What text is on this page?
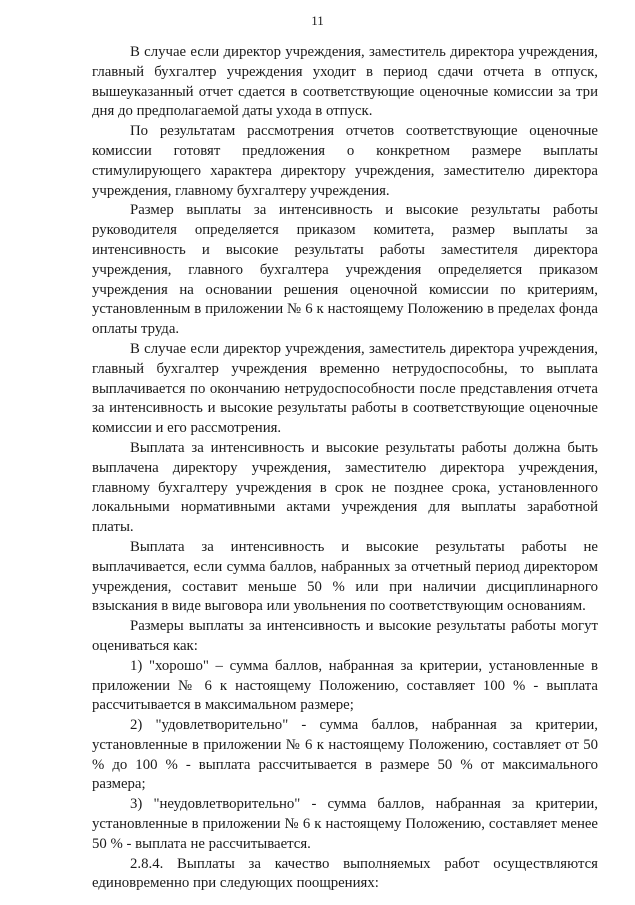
11

В случае если директор учреждения, заместитель директора учреждения, главный бухгалтер учреждения уходит в период сдачи отчета в отпуск, вышеуказанный отчет сдается в соответствующие оценочные комиссии за три дня до предполагаемой даты ухода в отпуск.

По результатам рассмотрения отчетов соответствующие оценочные комиссии готовят предложения о конкретном размере выплаты стимулирующего характера директору учреждения, заместителю директора учреждения, главному бухгалтеру учреждения.

Размер выплаты за интенсивность и высокие результаты работы руководителя определяется приказом комитета, размер выплаты за интенсивность и высокие результаты работы заместителя директора учреждения, главного бухгалтера учреждения определяется приказом учреждения на основании решения оценочной комиссии по критериям, установленным в приложении № 6 к настоящему Положению в пределах фонда оплаты труда.

В случае если директор учреждения, заместитель директора учреждения, главный бухгалтер учреждения временно нетрудоспособны, то выплата выплачивается по окончанию нетрудоспособности после представления отчета за интенсивность и высокие результаты работы в соответствующие оценочные комиссии и его рассмотрения.

Выплата за интенсивность и высокие результаты работы должна быть выплачена директору учреждения, заместителю директора учреждения, главному бухгалтеру учреждения в срок не позднее срока, установленного локальными нормативными актами учреждения для выплаты заработной платы.

Выплата за интенсивность и высокие результаты работы не выплачивается, если сумма баллов, набранных за отчетный период директором учреждения, составит меньше 50 % или при наличии дисциплинарного взыскания в виде выговора или увольнения по соответствующим основаниям.

Размеры выплаты за интенсивность и высокие результаты работы могут оцениваться как:

1) "хорошо" – сумма баллов, набранная за критерии, установленные в приложении № 6 к настоящему Положению, составляет 100 % - выплата рассчитывается в максимальном размере;

2) "удовлетворительно" - сумма баллов, набранная за критерии, установленные в приложении № 6 к настоящему Положению, составляет от 50 % до 100 % - выплата рассчитывается в размере 50 % от максимального размера;

3) "неудовлетворительно" - сумма баллов, набранная за критерии, установленные в приложении № 6 к настоящему Положению, составляет менее 50 % - выплата не рассчитывается.

2.8.4. Выплаты за качество выполняемых работ осуществляются единовременно при следующих поощрениях:
